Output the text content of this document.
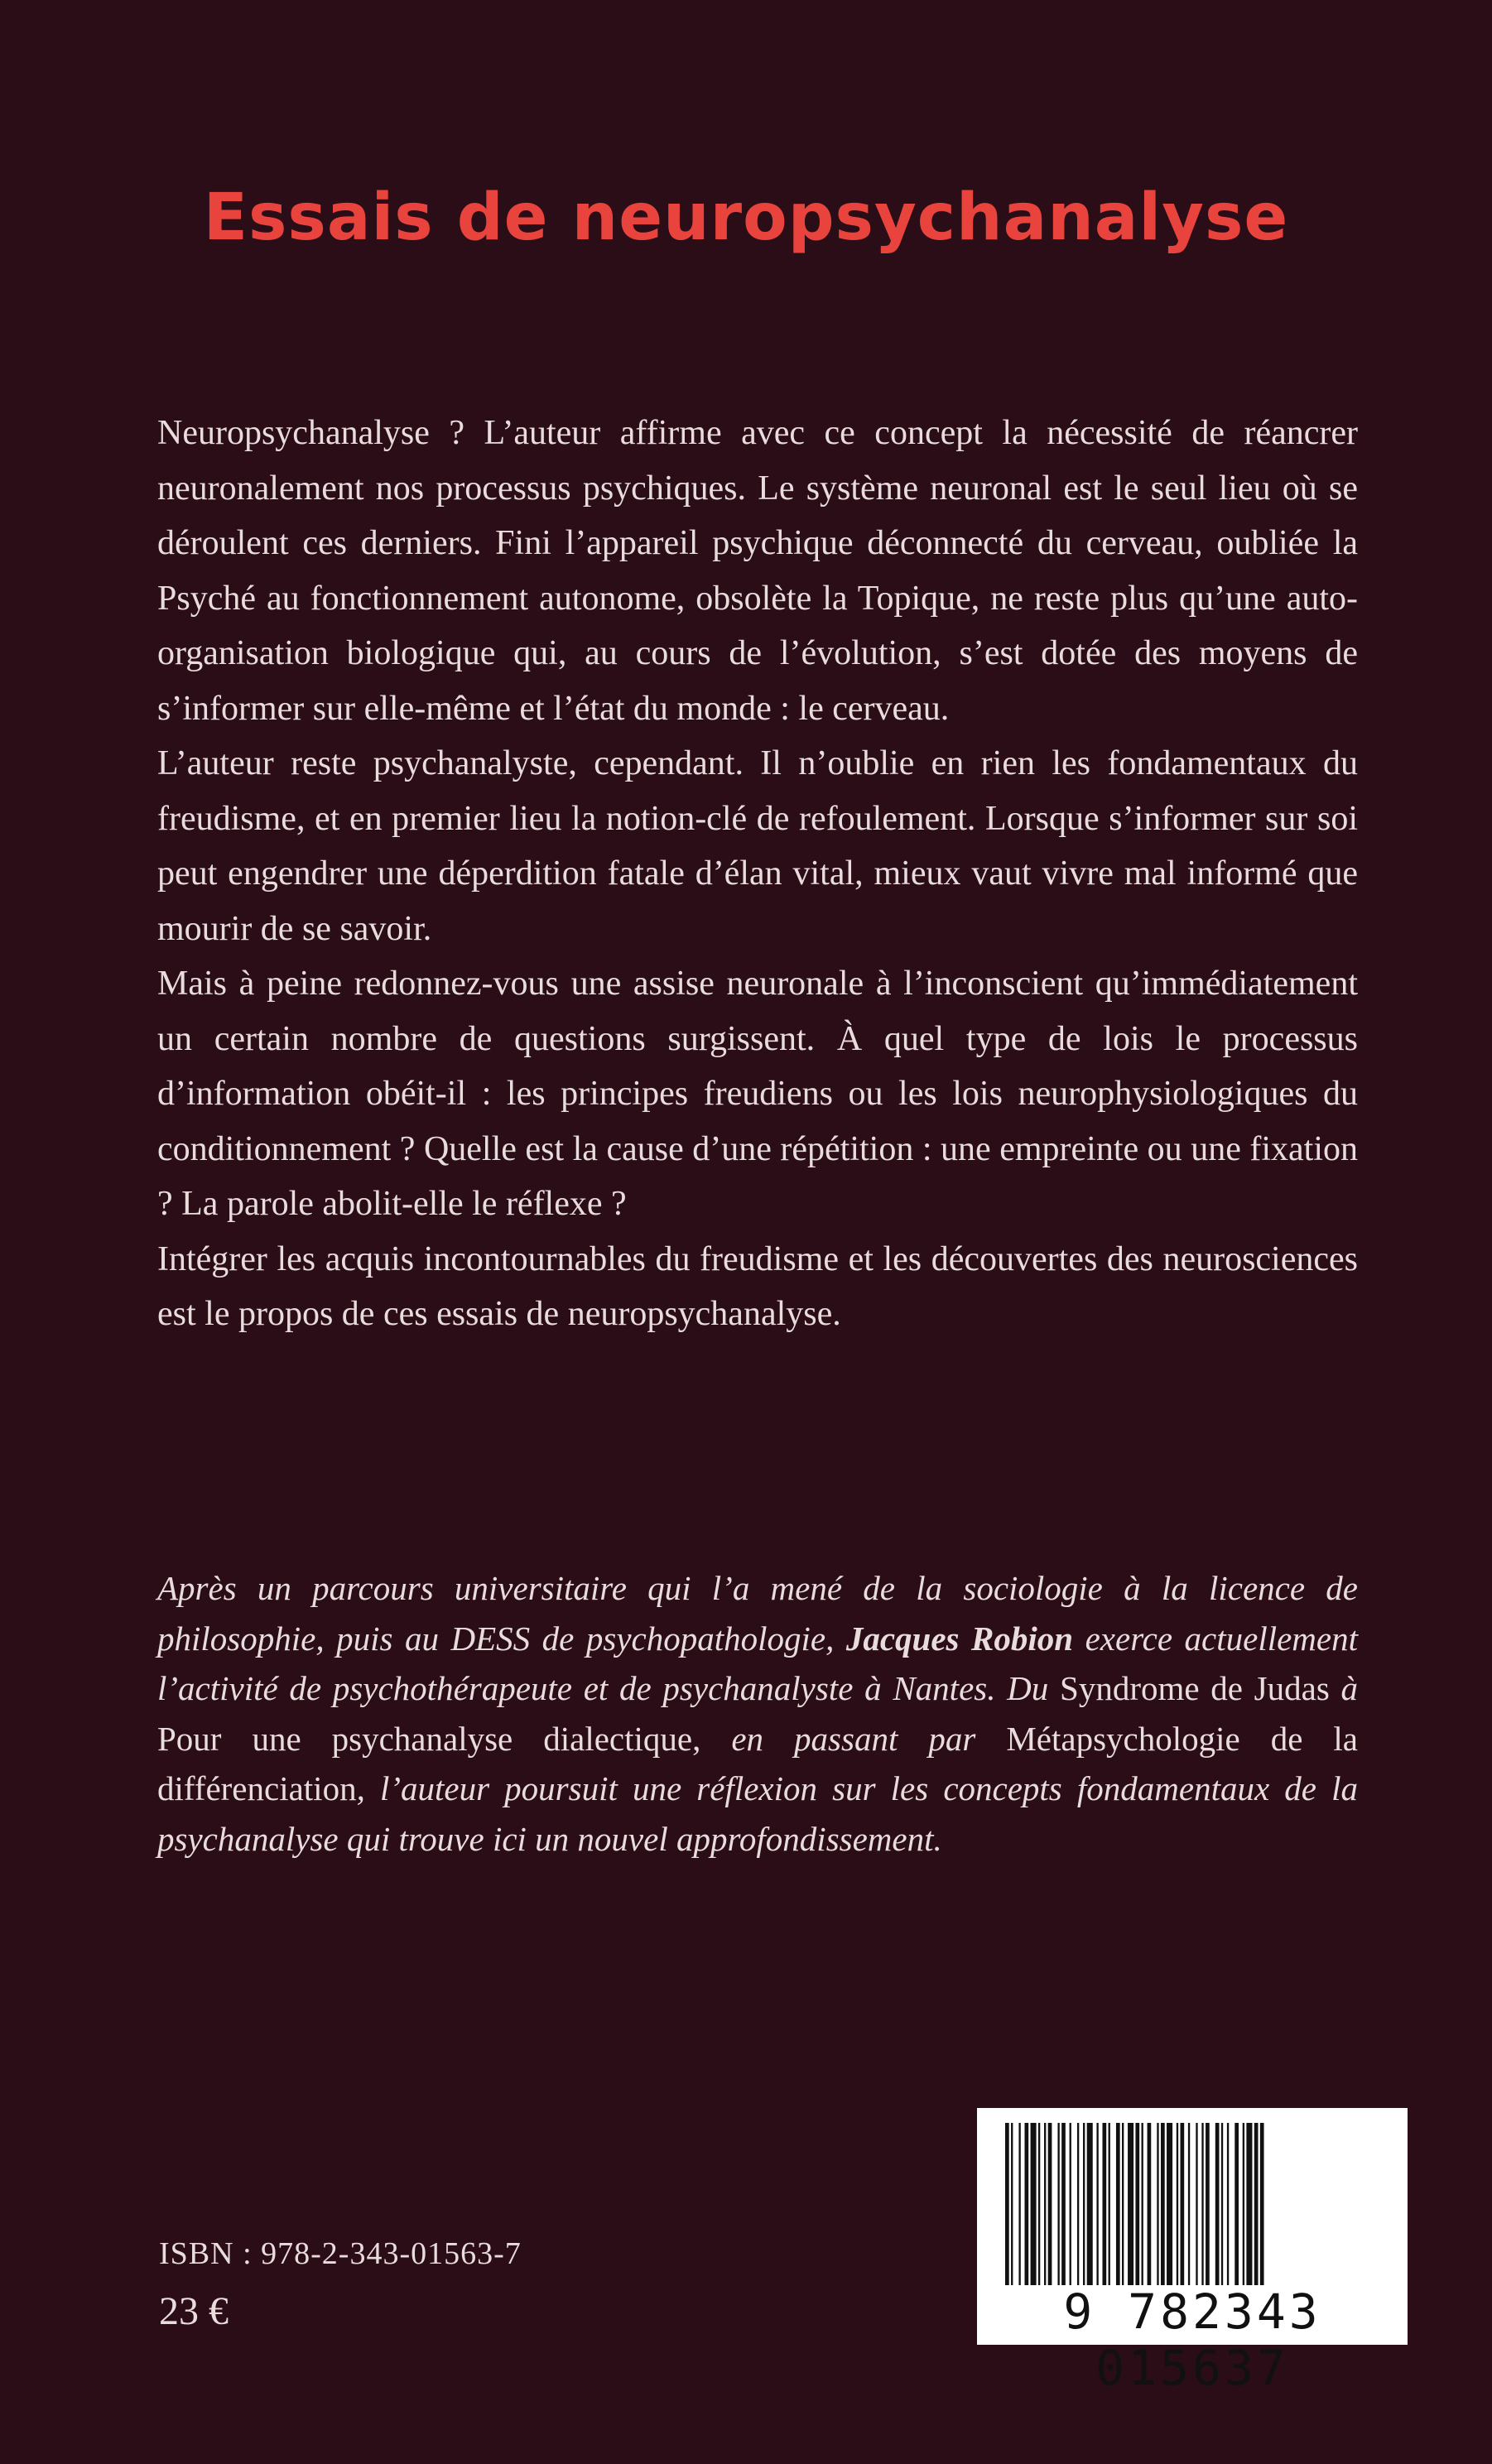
Essais de neuropsychanalyse

Neuropsychanalyse ? L’auteur affirme avec ce concept la nécessité de réancrer neuronalement nos processus psychiques. Le système neuronal est le seul lieu où se déroulent ces derniers. Fini l’appareil psychique déconnecté du cerveau, oubliée la Psyché au fonctionnement autonome, obsolète la Topique, ne reste plus qu’une auto-organisation biologique qui, au cours de l’évolution, s’est dotée des moyens de s’informer sur elle-même et l’état du monde : le cerveau.

L’auteur reste psychanalyste, cependant. Il n’oublie en rien les fondamentaux du freudisme, et en premier lieu la notion-clé de refoulement. Lorsque s’informer sur soi peut engendrer une déperdition fatale d’élan vital, mieux vaut vivre mal informé que mourir de se savoir.

Mais à peine redonnez-vous une assise neuronale à l’inconscient qu’immédiatement un certain nombre de questions surgissent. À quel type de lois le processus d’information obéit-il : les principes freudiens ou les lois neurophysiologiques du conditionnement ? Quelle est la cause d’une répétition : une empreinte ou une fixation ? La parole abolit-elle le réflexe ?

Intégrer les acquis incontournables du freudisme et les découvertes des neurosciences est le propos de ces essais de neuropsychanalyse.

Après un parcours universitaire qui l’a mené de la sociologie à la licence de philosophie, puis au DESS de psychopathologie, Jacques Robion exerce actuellement l’activité de psychothérapeute et de psychanalyste à Nantes. Du Syndrome de Judas à Pour une psychanalyse dialectique, en passant par Métapsychologie de la différenciation, l’auteur poursuit une réflexion sur les concepts fondamentaux de la psychanalyse qui trouve ici un nouvel approfondissement.

ISBN : 978-2-343-01563-7
23 €	9 782343 015637
